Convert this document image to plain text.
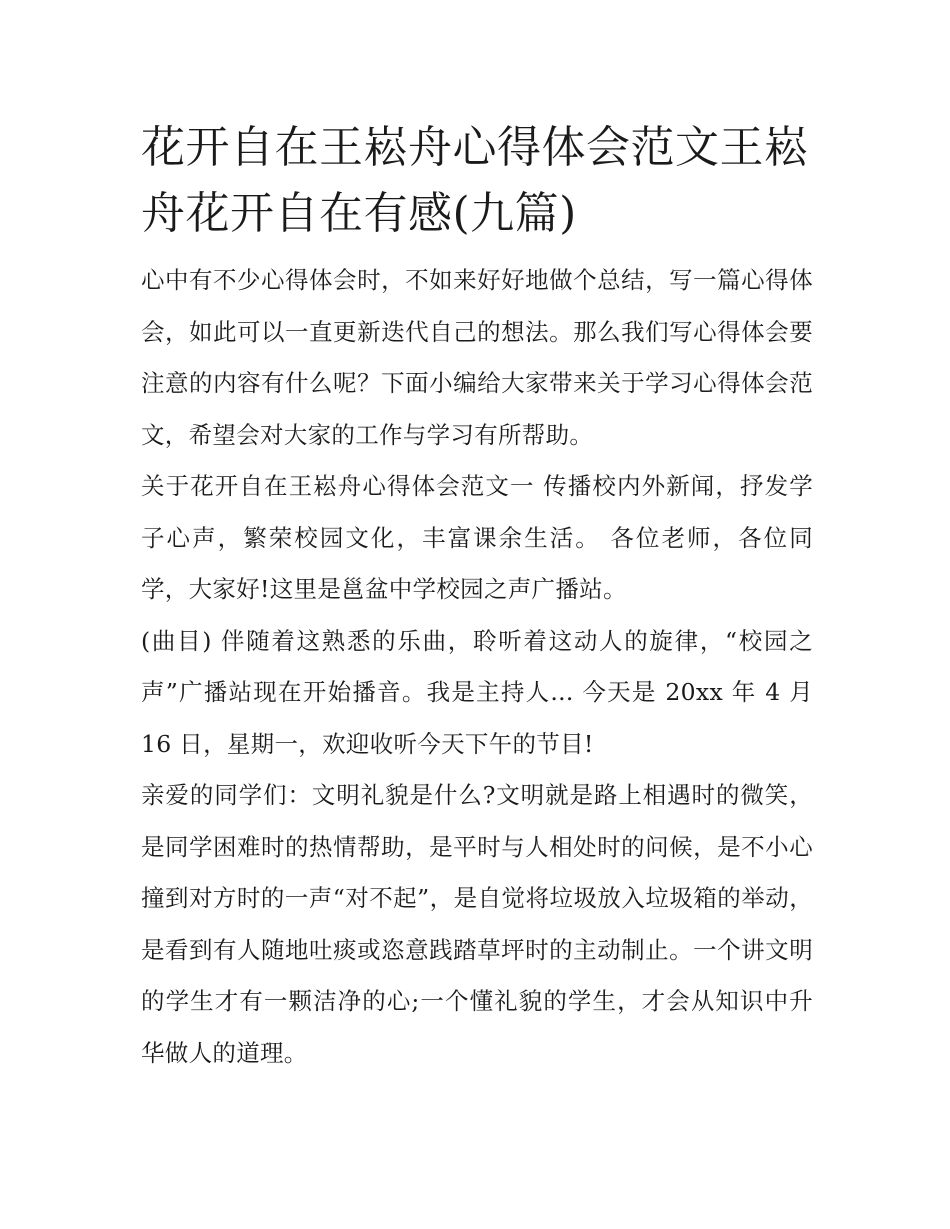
花开自在王崧舟心得体会范文王崧舟花开自在有感(九篇)

心中有不少心得体会时，不如来好好地做个总结，写一篇心得体会，如此可以一直更新迭代自己的想法。那么我们写心得体会要注意的内容有什么呢？下面小编给大家带来关于学习心得体会范文，希望会对大家的工作与学习有所帮助。

关于花开自在王崧舟心得体会范文一 传播校内外新闻，抒发学子心声，繁荣校园文化，丰富课余生活。 各位老师，各位同学，大家好!这里是邕盆中学校园之声广播站。

(曲目) 伴随着这熟悉的乐曲，聆听着这动人的旋律，“校园之声”广播站现在开始播音。我是主持人... 今天是 20xx 年 4 月 16 日，星期一，欢迎收听今天下午的节目!

亲爱的同学们：文明礼貌是什么?文明就是路上相遇时的微笑，是同学困难时的热情帮助，是平时与人相处时的问候，是不小心撞到对方时的一声“对不起”，是自觉将垃圾放入垃圾箱的举动，是看到有人随地吐痰或恣意践踏草坪时的主动制止。一个讲文明的学生才有一颗洁净的心;一个懂礼貌的学生，才会从知识中升华做人的道理。
